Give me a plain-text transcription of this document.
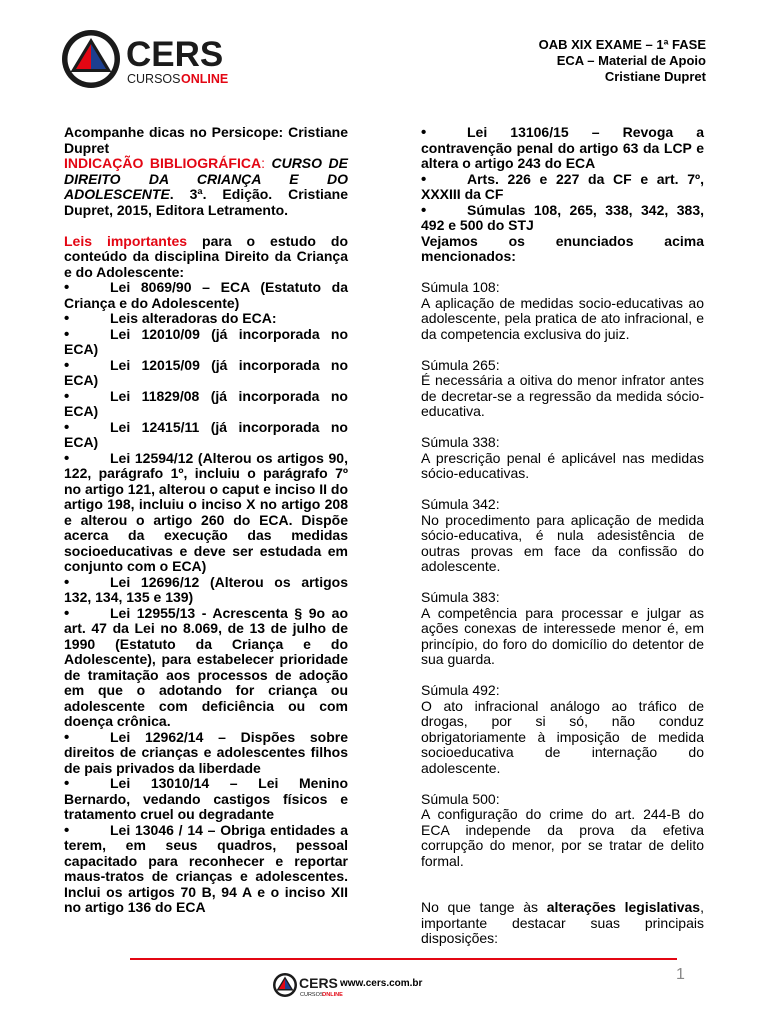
CERS
CURSOS ONLINE
OAB XIX EXAME – 1ª FASE
ECA – Material de Apoio
Cristiane Dupret
Acompanhe dicas no Persicope: Cristiane Dupret
INDICAÇÃO BIBLIOGRÁFICA: CURSO DE DIREITO DA CRIANÇA E DO ADOLESCENTE. 3ª. Edição. Cristiane Dupret, 2015, Editora Letramento.
Leis importantes para o estudo do conteúdo da disciplina Direito da Criança e do Adolescente:
•Lei 8069/90 – ECA (Estatuto da Criança e do Adolescente)
•Leis alteradoras do ECA:
•Lei 12010/09 (já incorporada no ECA)
•Lei 12015/09 (já incorporada no ECA)
•Lei 11829/08 (já incorporada no ECA)
•Lei 12415/11 (já incorporada no ECA)
•Lei 12594/12 (Alterou os artigos 90, 122, parágrafo 1º, incluiu o parágrafo 7º no artigo 121, alterou o caput e inciso II do artigo 198, incluiu o inciso X no artigo 208 e alterou o artigo 260 do ECA. Dispõe acerca da execução das medidas socioeducativas e deve ser estudada em conjunto com o ECA)
•Lei 12696/12 (Alterou os artigos 132, 134, 135 e 139)
•Lei 12955/13 - Acrescenta § 9o ao art. 47 da Lei no 8.069, de 13 de julho de 1990 (Estatuto da Criança e do Adolescente), para estabelecer prioridade de tramitação aos processos de adoção em que o adotando for criança ou adolescente com deficiência ou com doença crônica.
•Lei 12962/14 – Dispões sobre direitos de crianças e adolescentes filhos de pais privados da liberdade
•Lei 13010/14 – Lei Menino Bernardo, vedando castigos físicos e tratamento cruel ou degradante
•Lei 13046 / 14 – Obriga entidades a terem, em seus quadros, pessoal capacitado para reconhecer e reportar maus-tratos de crianças e adolescentes. Inclui os artigos 70 B, 94 A e o inciso XII no artigo 136 do ECA
•Lei 13106/15 – Revoga a contravenção penal do artigo 63 da LCP e altera o artigo 243 do ECA
•Arts. 226 e 227 da CF e art. 7º, XXXIII da CF
•Súmulas 108, 265, 338, 342, 383, 492 e 500 do STJ
Vejamos os enunciados acima mencionados:
Súmula 108:
A aplicação de medidas socio-educativas ao adolescente, pela pratica de ato infracional, e da competencia exclusiva do juiz.
Súmula 265:
É necessária a oitiva do menor infrator antes de decretar-se a regressão da medida sócio-educativa.
Súmula 338:
A prescrição penal é aplicável nas medidas sócio-educativas.
Súmula 342:
No procedimento para aplicação de medida sócio-educativa, é nula adesistência de outras provas em face da confissão do adolescente.
Súmula 383:
A competência para processar e julgar as ações conexas de interessede menor é, em princípio, do foro do domicílio do detentor de sua guarda.
Súmula 492:
O ato infracional análogo ao tráfico de drogas, por si só, não conduz obrigatoriamente à imposição de medida socioeducativa de internação do adolescente.
Súmula 500:
A configuração do crime do art. 244-B do ECA independe da prova da efetiva corrupção do menor, por se tratar de delito formal.
No que tange às alterações legislativas, importante destacar suas principais disposições:
1
CERS
CURSOS
ONLINE
www.cers.com.br
